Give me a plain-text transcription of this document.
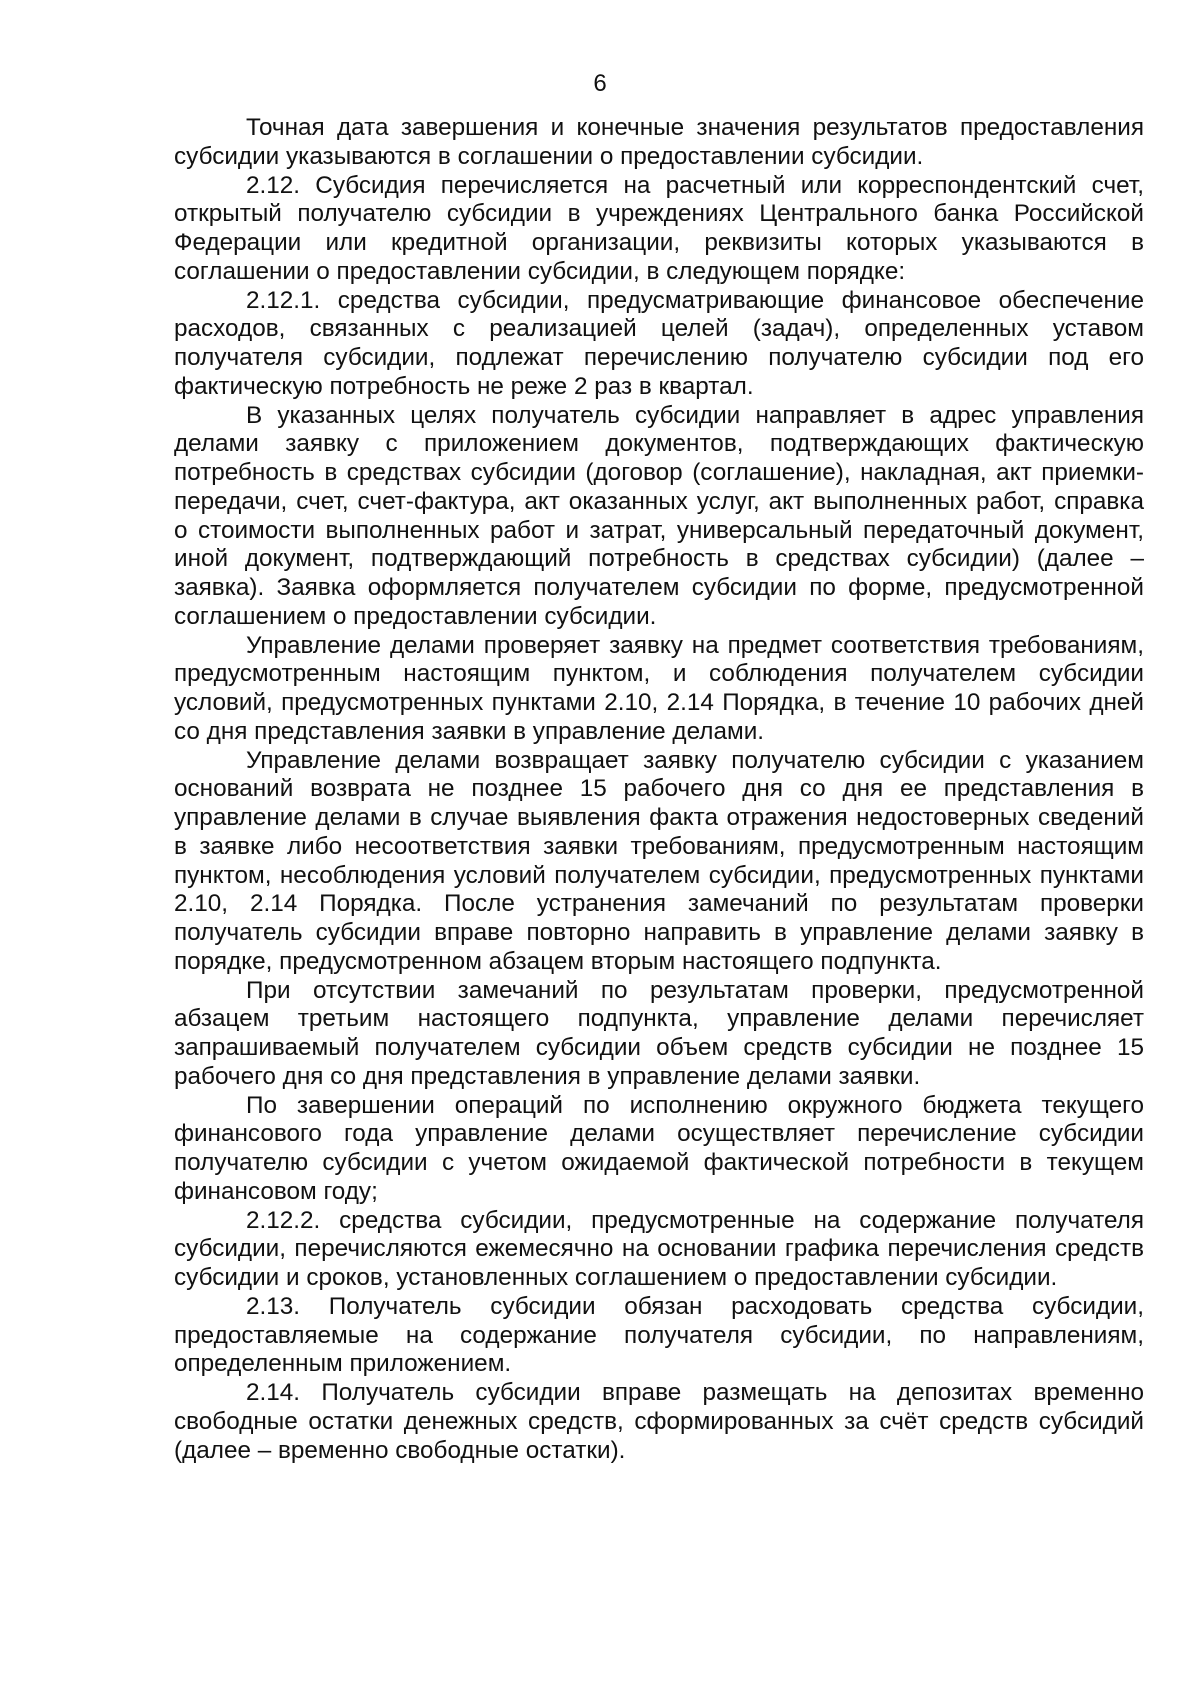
6

Точная дата завершения и конечные значения результатов предоставления субсидии указываются в соглашении о предоставлении субсидии.

2.12. Субсидия перечисляется на расчетный или корреспондентский счет, открытый получателю субсидии в учреждениях Центрального банка Российской Федерации или кредитной организации, реквизиты которых указываются в соглашении о предоставлении субсидии, в следующем порядке:

2.12.1. средства субсидии, предусматривающие финансовое обеспечение расходов, связанных с реализацией целей (задач), определенных уставом получателя субсидии, подлежат перечислению получателю субсидии под его фактическую потребность не реже 2 раз в квартал.

В указанных целях получатель субсидии направляет в адрес управления делами заявку с приложением документов, подтверждающих фактическую потребность в средствах субсидии (договор (соглашение), накладная, акт приемки-передачи, счет, счет-фактура, акт оказанных услуг, акт выполненных работ, справка о стоимости выполненных работ и затрат, универсальный передаточный документ, иной документ, подтверждающий потребность в средствах субсидии) (далее – заявка). Заявка оформляется получателем субсидии по форме, предусмотренной соглашением о предоставлении субсидии.

Управление делами проверяет заявку на предмет соответствия требованиям, предусмотренным настоящим пунктом, и соблюдения получателем субсидии условий, предусмотренных пунктами 2.10, 2.14 Порядка, в течение 10 рабочих дней со дня представления заявки в управление делами.

Управление делами возвращает заявку получателю субсидии с указанием оснований возврата не позднее 15 рабочего дня со дня ее представления в управление делами в случае выявления факта отражения недостоверных сведений в заявке либо несоответствия заявки требованиям, предусмотренным настоящим пунктом, несоблюдения условий получателем субсидии, предусмотренных пунктами 2.10, 2.14 Порядка. После устранения замечаний по результатам проверки получатель субсидии вправе повторно направить в управление делами заявку в порядке, предусмотренном абзацем вторым настоящего подпункта.

При отсутствии замечаний по результатам проверки, предусмотренной абзацем третьим настоящего подпункта, управление делами перечисляет запрашиваемый получателем субсидии объем средств субсидии не позднее 15 рабочего дня со дня представления в управление делами заявки.

По завершении операций по исполнению окружного бюджета текущего финансового года управление делами осуществляет перечисление субсидии получателю субсидии с учетом ожидаемой фактической потребности в текущем финансовом году;

2.12.2. средства субсидии, предусмотренные на содержание получателя субсидии, перечисляются ежемесячно на основании графика перечисления средств субсидии и сроков, установленных соглашением о предоставлении субсидии.

2.13. Получатель субсидии обязан расходовать средства субсидии, предоставляемые на содержание получателя субсидии, по направлениям, определенным приложением.

2.14. Получатель субсидии вправе размещать на депозитах временно свободные остатки денежных средств, сформированных за счёт средств субсидий (далее – временно свободные остатки).
